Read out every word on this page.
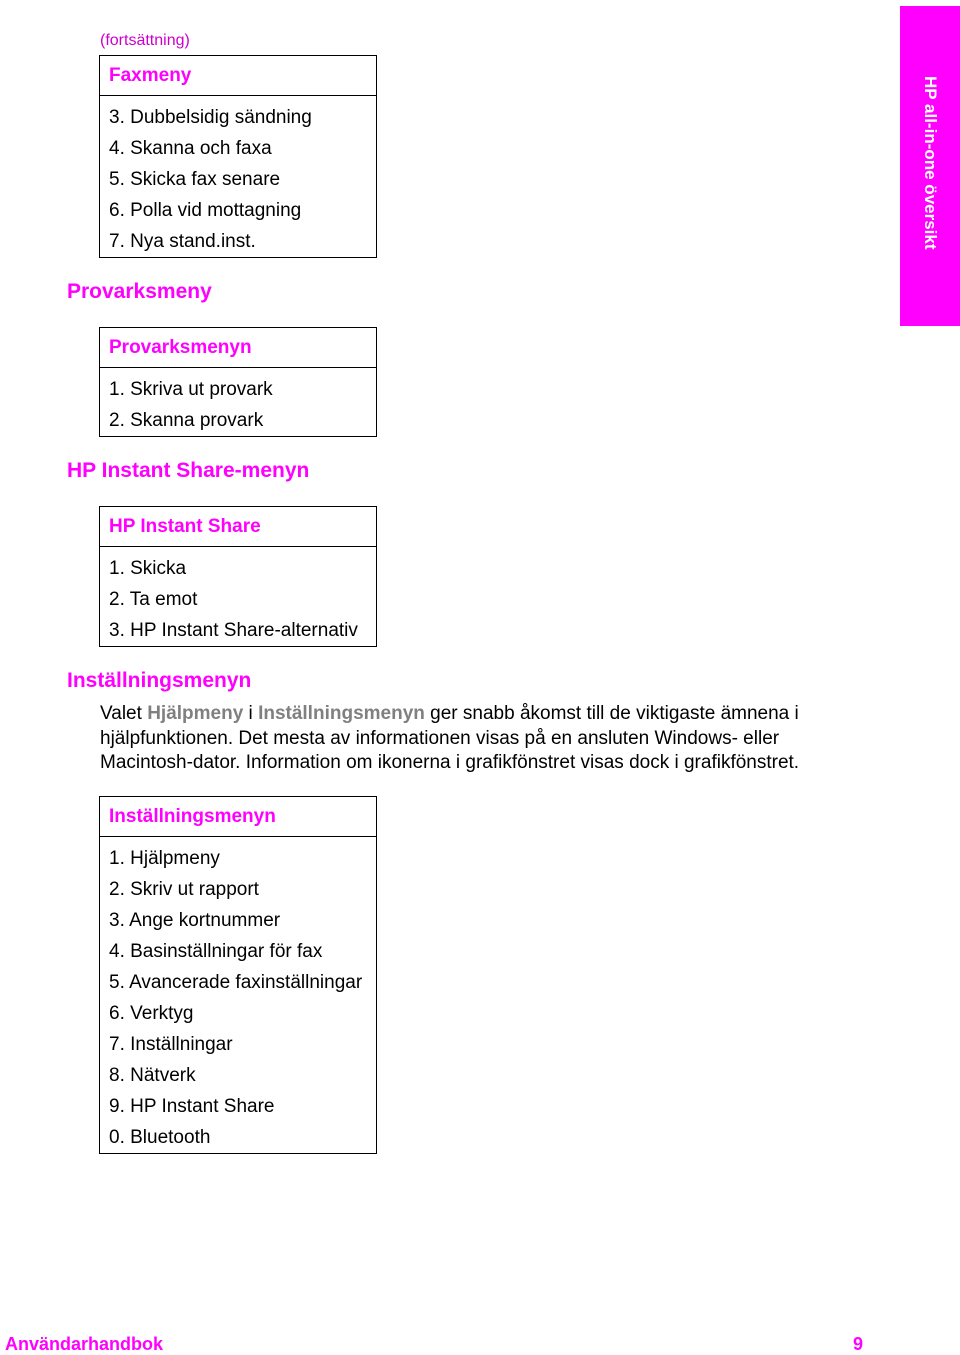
HP all-in-one översikt
(fortsättning)
Faxmeny
3. Dubbelsidig sändning
4. Skanna och faxa
5. Skicka fax senare
6. Polla vid mottagning
7. Nya stand.inst.
Provarksmeny
Provarksmenyn
1. Skriva ut provark
2. Skanna provark
HP Instant Share-menyn
HP Instant Share
1. Skicka
2. Ta emot
3. HP Instant Share-alternativ
Inställningsmenyn
Valet Hjälpmeny i Inställningsmenyn ger snabb åkomst till de viktigaste ämnena i hjälpfunktionen. Det mesta av informationen visas på en ansluten Windows- eller Macintosh-dator. Information om ikonerna i grafikfönstret visas dock i grafikfönstret.
Inställningsmenyn
1. Hjälpmeny
2. Skriv ut rapport
3. Ange kortnummer
4. Basinställningar för fax
5. Avancerade faxinställningar
6. Verktyg
7. Inställningar
8. Nätverk
9. HP Instant Share
0. Bluetooth
Användarhandbok	9
